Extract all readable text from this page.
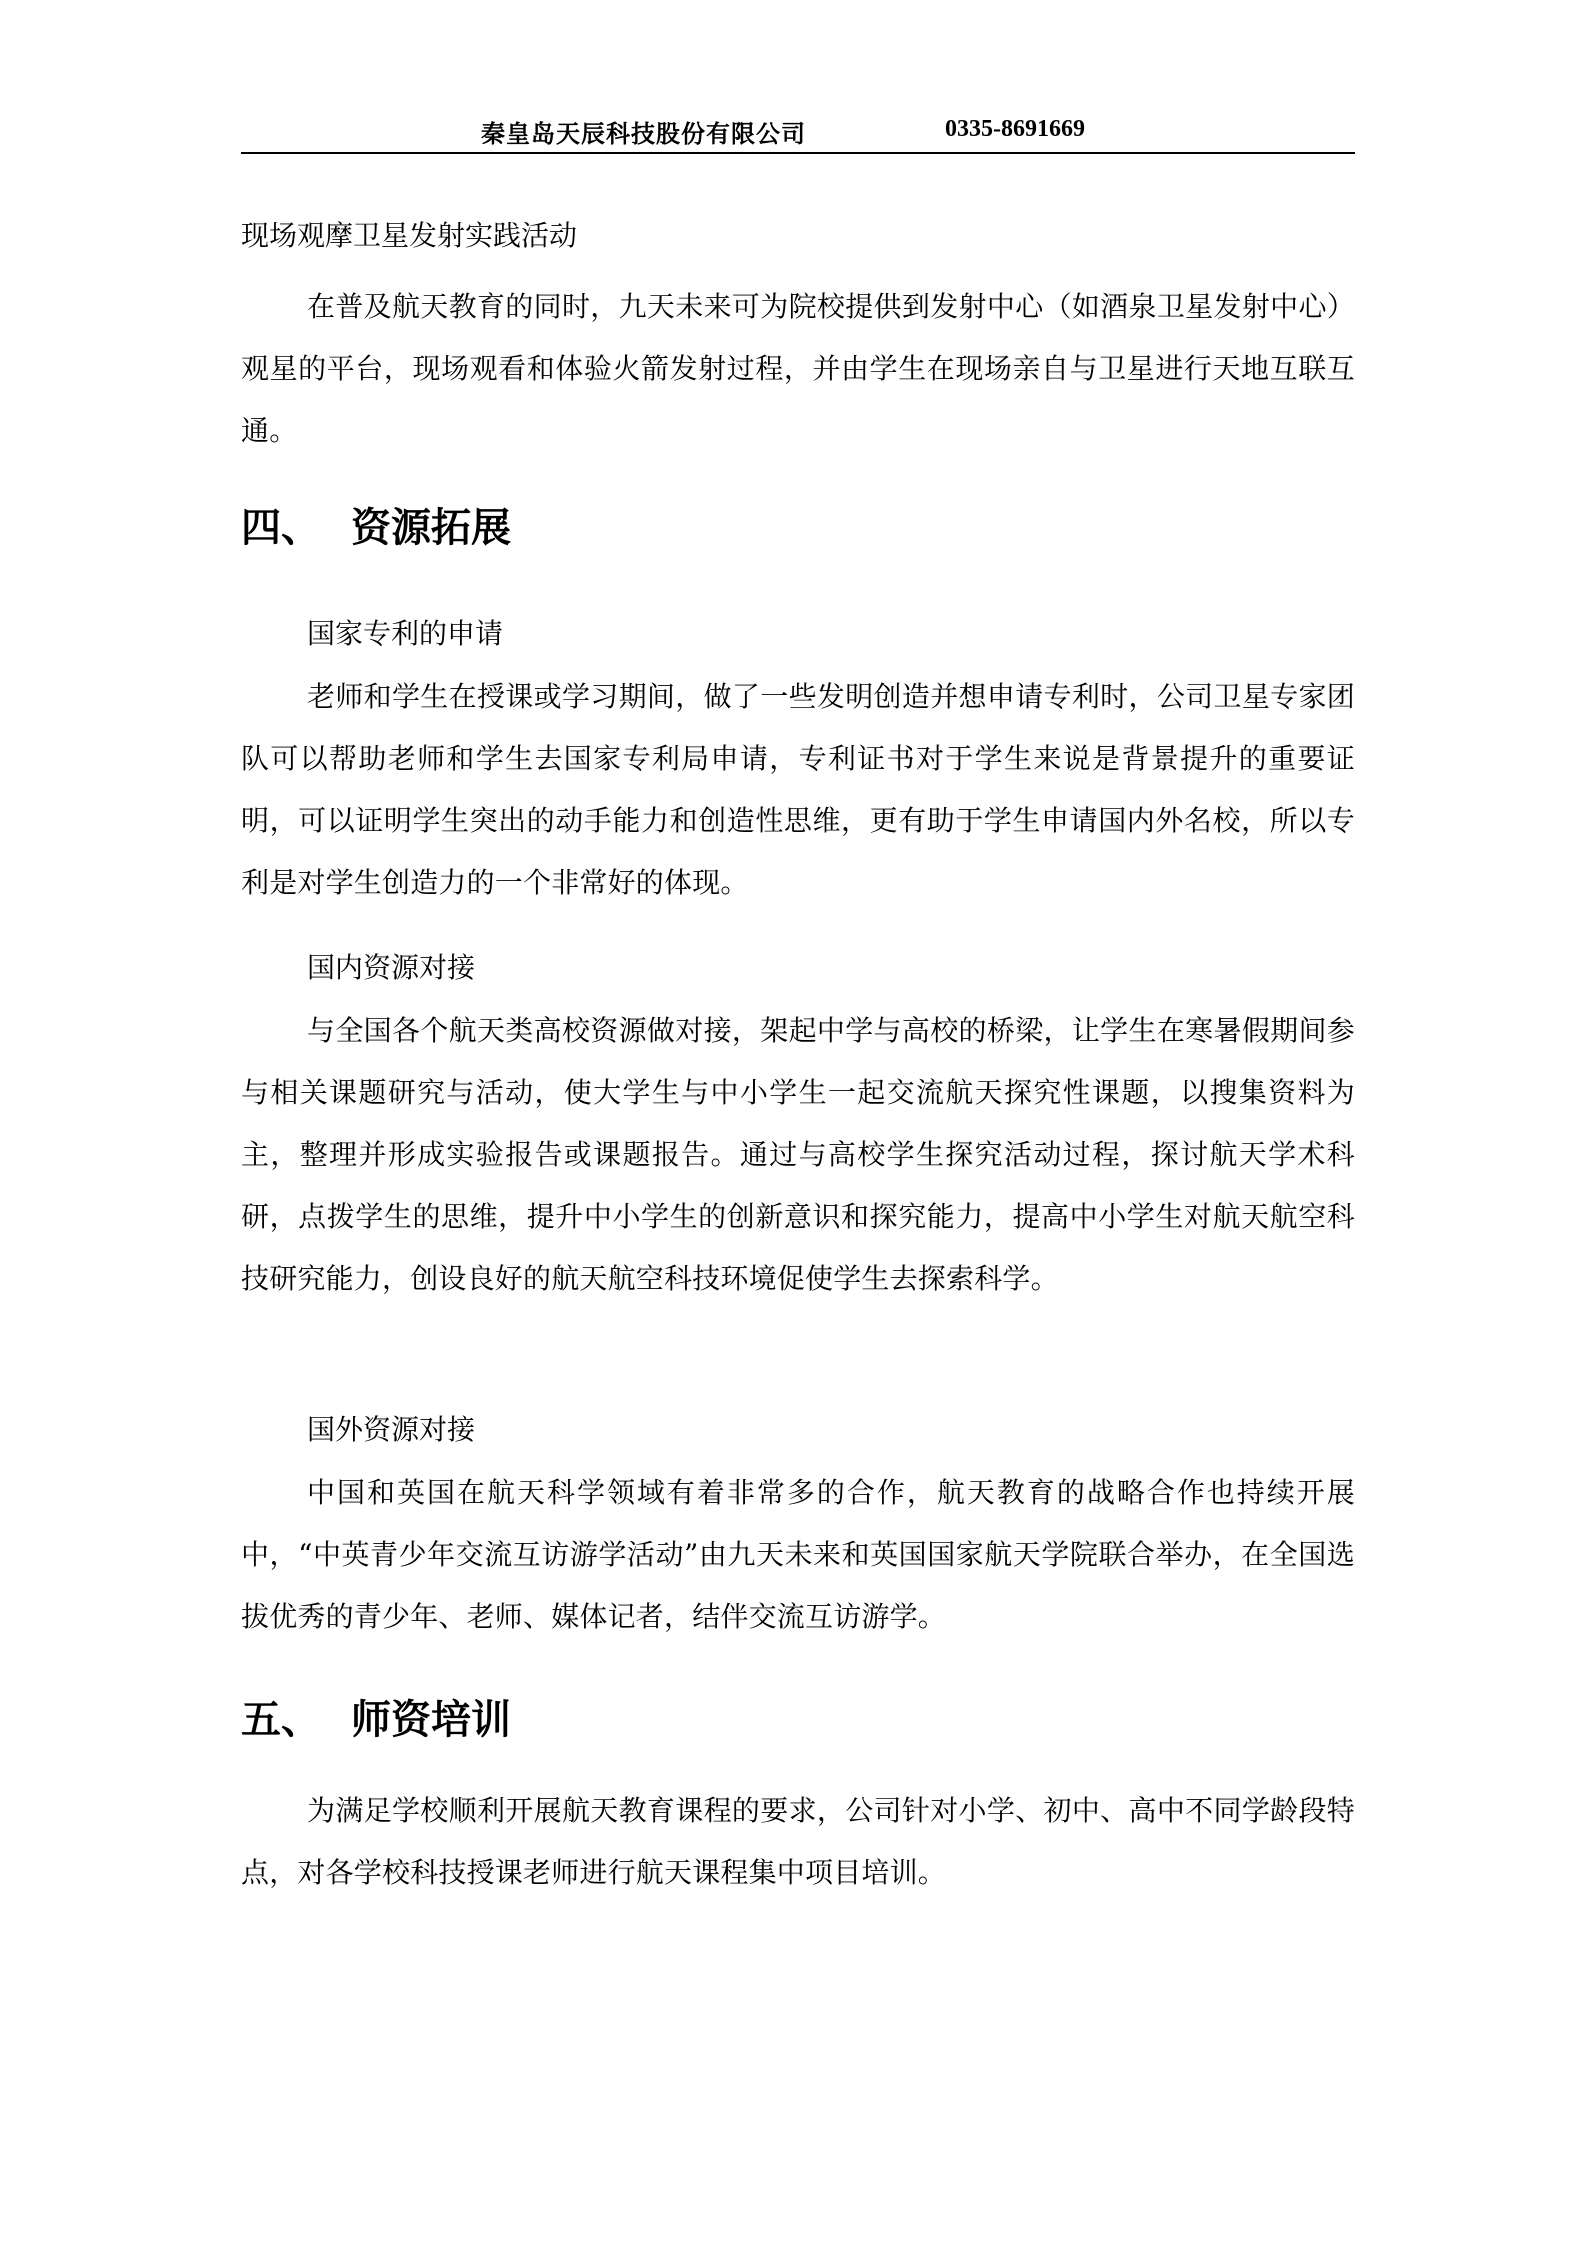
秦皇岛天辰科技股份有限公司	0335-8691669
现场观摩卫星发射实践活动

在普及航天教育的同时，九天未来可为院校提供到发射中心（如酒泉卫星发射中心）观星的平台，现场观看和体验火箭发射过程，并由学生在现场亲自与卫星进行天地互联互通。

四、 资源拓展
国家专利的申请

老师和学生在授课或学习期间，做了一些发明创造并想申请专利时，公司卫星专家团队可以帮助老师和学生去国家专利局申请，专利证书对于学生来说是背景提升的重要证明，可以证明学生突出的动手能力和创造性思维，更有助于学生申请国内外名校，所以专利是对学生创造力的一个非常好的体现。

国内资源对接

与全国各个航天类高校资源做对接，架起中学与高校的桥梁，让学生在寒暑假期间参与相关课题研究与活动，使大学生与中小学生一起交流航天探究性课题，以搜集资料为主，整理并形成实验报告或课题报告。通过与高校学生探究活动过程，探讨航天学术科研，点拨学生的思维，提升中小学生的创新意识和探究能力，提高中小学生对航天航空科技研究能力，创设良好的航天航空科技环境促使学生去探索科学。

国外资源对接

中国和英国在航天科学领域有着非常多的合作，航天教育的战略合作也持续开展中，“中英青少年交流互访游学活动”由九天未来和英国国家航天学院联合举办，在全国选拔优秀的青少年、老师、媒体记者，结伴交流互访游学。

五、 师资培训

为满足学校顺利开展航天教育课程的要求，公司针对小学、初中、高中不同学龄段特点，对各学校科技授课老师进行航天课程集中项目培训。
